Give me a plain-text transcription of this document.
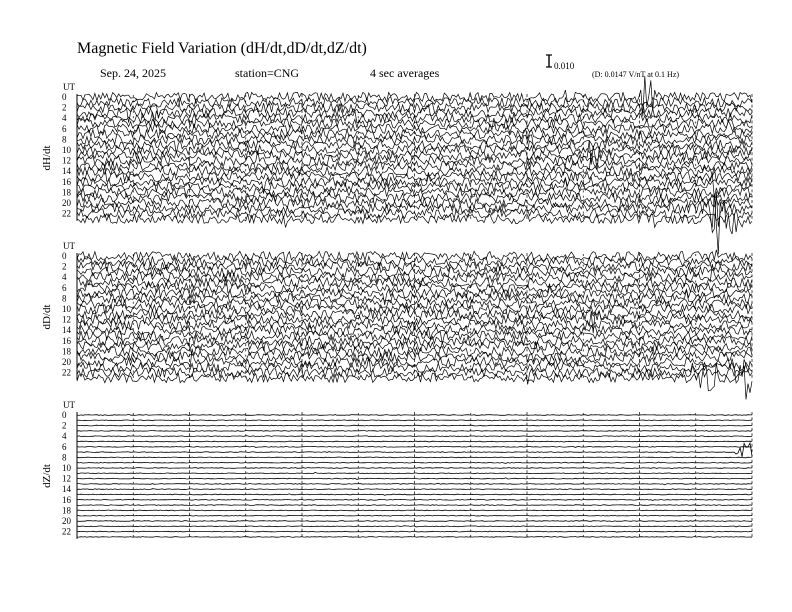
Magnetic Field Variation (dH/dt,dD/dt,dZ/dt)
Sep. 24, 2025	station=CNG	4 sec averages	0.010
(D: 0.0147 V/nT at 0.1 Hz)
UT
dH/dt
0
2
4
6
8
10
12
14
16
18
20
22
UT
dD/dt
0
2
4
6
8
10
12
14
16
18
20
22
UT
dZ/dt
0
2
4
6
8
10
12
14
16
18
20
22
